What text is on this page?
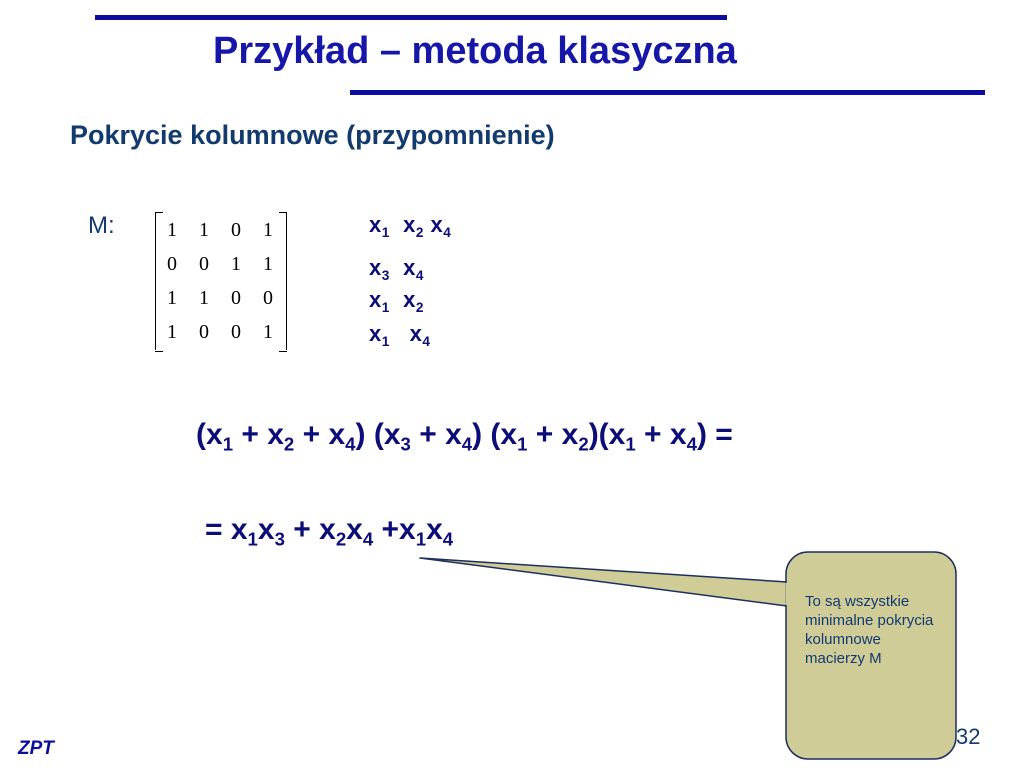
Przykład – metoda klasyczna
Pokrycie kolumnowe (przypomnienie)
M:	1	1	0	1
0	0	1	1
1	1	0	0
1	0	0	1
$x_1$ $x_2$ $x_4$
$x_3$ $x_4$
$x_1$ $x_2$
$x_1$ $x_4$
$(x_1 + x_2 + x_4) (x_3 + x_4) (x_1 + x_2)(x_1 + x_4)$ =
= $x_1x_3 + x_2x_4 +x_1x_4$
To są wszystkie minimalne pokrycia kolumnowe macierzy M
32
ZPT
